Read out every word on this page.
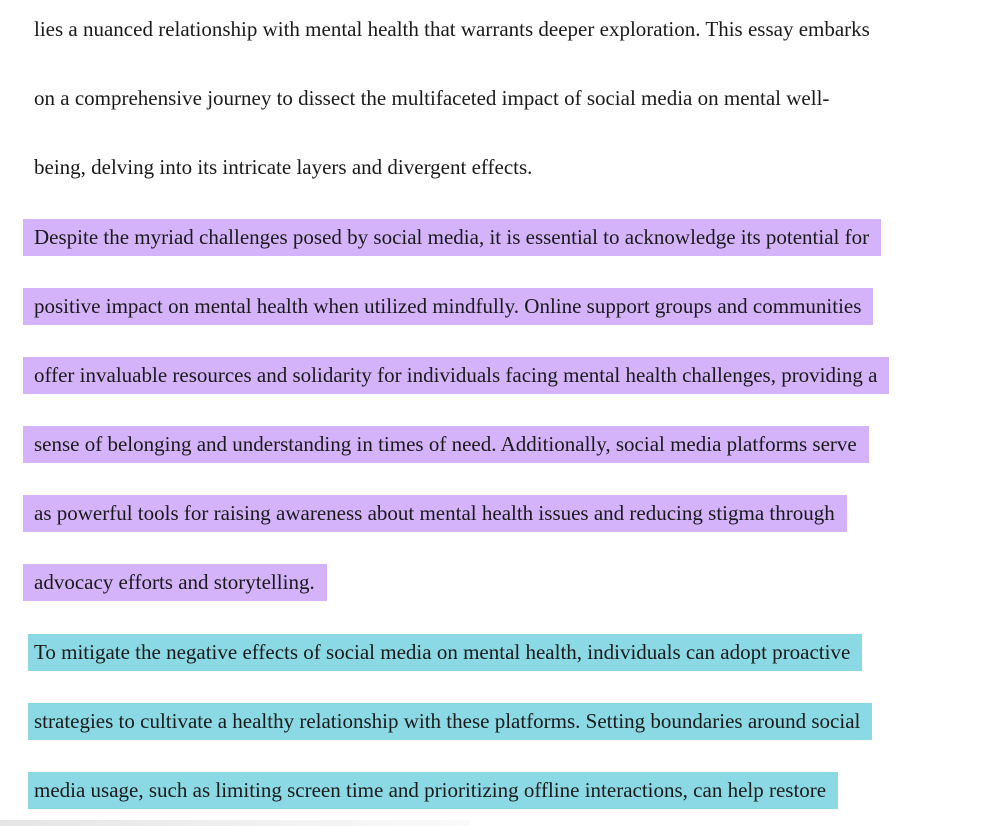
lies a nuanced relationship with mental health that warrants deeper exploration. This essay embarks
on a comprehensive journey to dissect the multifaceted impact of social media on mental well-
being, delving into its intricate layers and divergent effects.
Despite the myriad challenges posed by social media, it is essential to acknowledge its potential for
positive impact on mental health when utilized mindfully. Online support groups and communities
offer invaluable resources and solidarity for individuals facing mental health challenges, providing a
sense of belonging and understanding in times of need. Additionally, social media platforms serve
as powerful tools for raising awareness about mental health issues and reducing stigma through
advocacy efforts and storytelling.
To mitigate the negative effects of social media on mental health, individuals can adopt proactive
strategies to cultivate a healthy relationship with these platforms. Setting boundaries around social
media usage, such as limiting screen time and prioritizing offline interactions, can help restore
